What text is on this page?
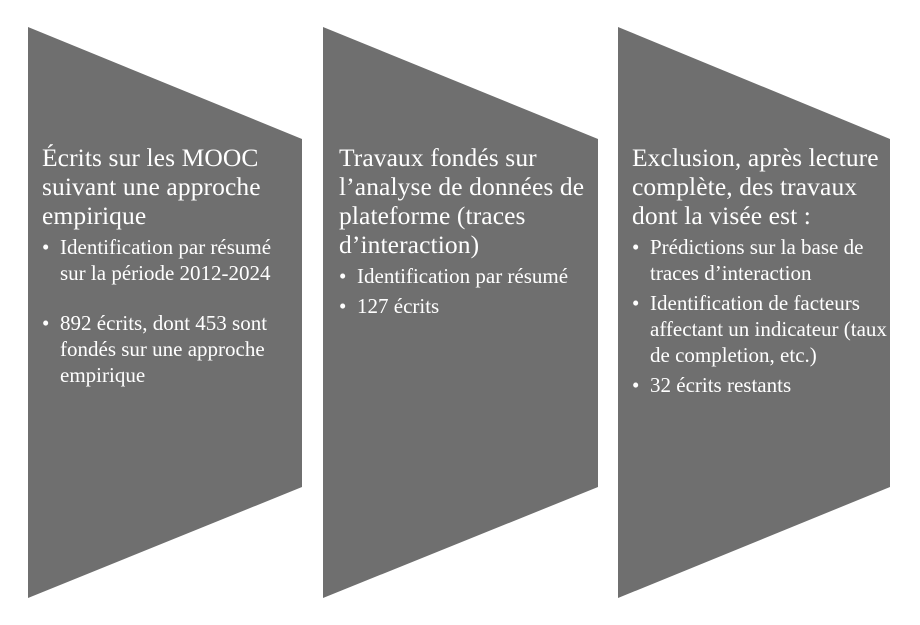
Écrits sur les MOOC suivant une approche empirique
• Identification par résumé sur la période 2012-2024
• 892 écrits, dont 453 sont fondés sur une approche empirique
Travaux fondés sur l’analyse de données de plateforme (traces d’interaction)
• Identification par résumé
• 127 écrits
Exclusion, après lecture complète, des travaux dont la visée est :
• Prédictions sur la base de traces d’interaction
• Identification de facteurs affectant un indicateur (taux de completion, etc.)
• 32 écrits restants
